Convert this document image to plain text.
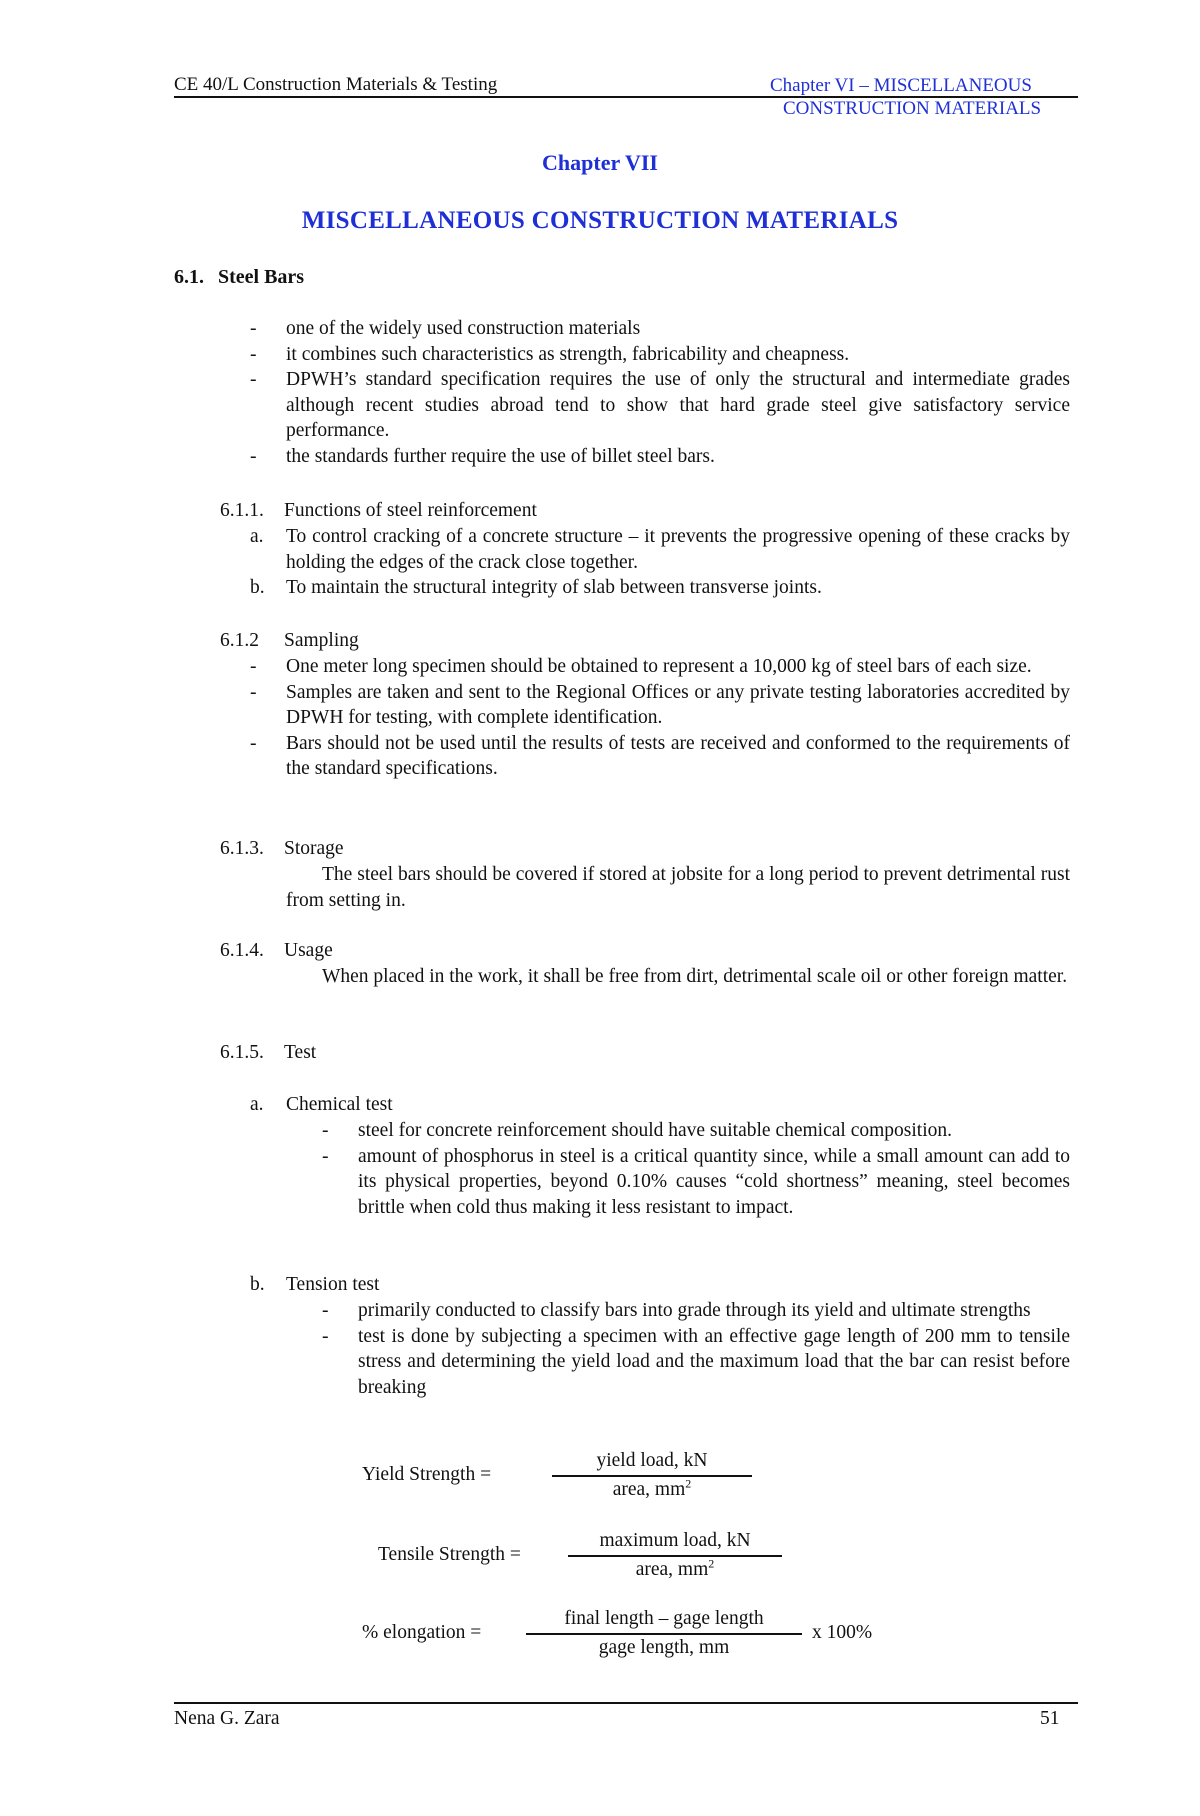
CE 40/L Construction Materials & Testing	Chapter VI – MISCELLANEOUS
CONSTRUCTION MATERIALS
Chapter VII
MISCELLANEOUS CONSTRUCTION MATERIALS
6.1. Steel Bars
- one of the widely used construction materials
- it combines such characteristics as strength, fabricability and cheapness.
- DPWH’s standard specification requires the use of only the structural and intermediate grades although recent studies abroad tend to show that hard grade steel give satisfactory service performance.
- the standards further require the use of billet steel bars.
6.1.1. Functions of steel reinforcement
a. To control cracking of a concrete structure – it prevents the progressive opening of these cracks by holding the edges of the crack close together.
b. To maintain the structural integrity of slab between transverse joints.
6.1.2 Sampling
- One meter long specimen should be obtained to represent a 10,000 kg of steel bars of each size.
- Samples are taken and sent to the Regional Offices or any private testing laboratories accredited by DPWH for testing, with complete identification.
- Bars should not be used until the results of tests are received and conformed to the requirements of the standard specifications.
6.1.3. Storage
The steel bars should be covered if stored at jobsite for a long period to prevent detrimental rust from setting in.
6.1.4. Usage
When placed in the work, it shall be free from dirt, detrimental scale oil or other foreign matter.
6.1.5. Test
a. Chemical test
- steel for concrete reinforcement should have suitable chemical composition.
- amount of phosphorus in steel is a critical quantity since, while a small amount can add to its physical properties, beyond 0.10% causes “cold shortness” meaning, steel becomes brittle when cold thus making it less resistant to impact.
b. Tension test
- primarily conducted to classify bars into grade through its yield and ultimate strengths
- test is done by subjecting a specimen with an effective gage length of 200 mm to tensile stress and determining the yield load and the maximum load that the bar can resist before breaking
Yield Strength =
yield load, kN
area, $mm^2$
Tensile Strength =
maximum load, kN
area, $mm^2$
% elongation =
final length – gage length
gage length, mm
x 100%
Nena G. Zara	51
